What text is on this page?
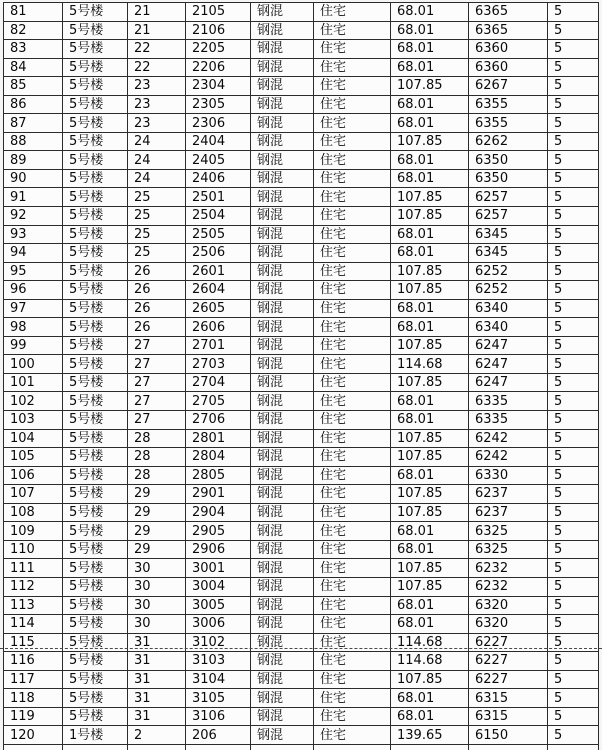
81	5号楼	21	2105	钢混	住宅	68.01	6365	5
82	5号楼	21	2106	钢混	住宅	68.01	6365	5
83	5号楼	22	2205	钢混	住宅	68.01	6360	5
84	5号楼	22	2206	钢混	住宅	68.01	6360	5
85	5号楼	23	2304	钢混	住宅	107.85	6267	5
86	5号楼	23	2305	钢混	住宅	68.01	6355	5
87	5号楼	23	2306	钢混	住宅	68.01	6355	5
88	5号楼	24	2404	钢混	住宅	107.85	6262	5
89	5号楼	24	2405	钢混	住宅	68.01	6350	5
90	5号楼	24	2406	钢混	住宅	68.01	6350	5
91	5号楼	25	2501	钢混	住宅	107.85	6257	5
92	5号楼	25	2504	钢混	住宅	107.85	6257	5
93	5号楼	25	2505	钢混	住宅	68.01	6345	5
94	5号楼	25	2506	钢混	住宅	68.01	6345	5
95	5号楼	26	2601	钢混	住宅	107.85	6252	5
96	5号楼	26	2604	钢混	住宅	107.85	6252	5
97	5号楼	26	2605	钢混	住宅	68.01	6340	5
98	5号楼	26	2606	钢混	住宅	68.01	6340	5
99	5号楼	27	2701	钢混	住宅	107.85	6247	5
100	5号楼	27	2703	钢混	住宅	114.68	6247	5
101	5号楼	27	2704	钢混	住宅	107.85	6247	5
102	5号楼	27	2705	钢混	住宅	68.01	6335	5
103	5号楼	27	2706	钢混	住宅	68.01	6335	5
104	5号楼	28	2801	钢混	住宅	107.85	6242	5
105	5号楼	28	2804	钢混	住宅	107.85	6242	5
106	5号楼	28	2805	钢混	住宅	68.01	6330	5
107	5号楼	29	2901	钢混	住宅	107.85	6237	5
108	5号楼	29	2904	钢混	住宅	107.85	6237	5
109	5号楼	29	2905	钢混	住宅	68.01	6325	5
110	5号楼	29	2906	钢混	住宅	68.01	6325	5
111	5号楼	30	3001	钢混	住宅	107.85	6232	5
112	5号楼	30	3004	钢混	住宅	107.85	6232	5
113	5号楼	30	3005	钢混	住宅	68.01	6320	5
114	5号楼	30	3006	钢混	住宅	68.01	6320	5
115	5号楼	31	3102	钢混	住宅	114.68	6227	5
116	5号楼	31	3103	钢混	住宅	114.68	6227	5
117	5号楼	31	3104	钢混	住宅	107.85	6227	5
118	5号楼	31	3105	钢混	住宅	68.01	6315	5
119	5号楼	31	3106	钢混	住宅	68.01	6315	5
120	1号楼	2	206	钢混	住宅	139.65	6150	5
